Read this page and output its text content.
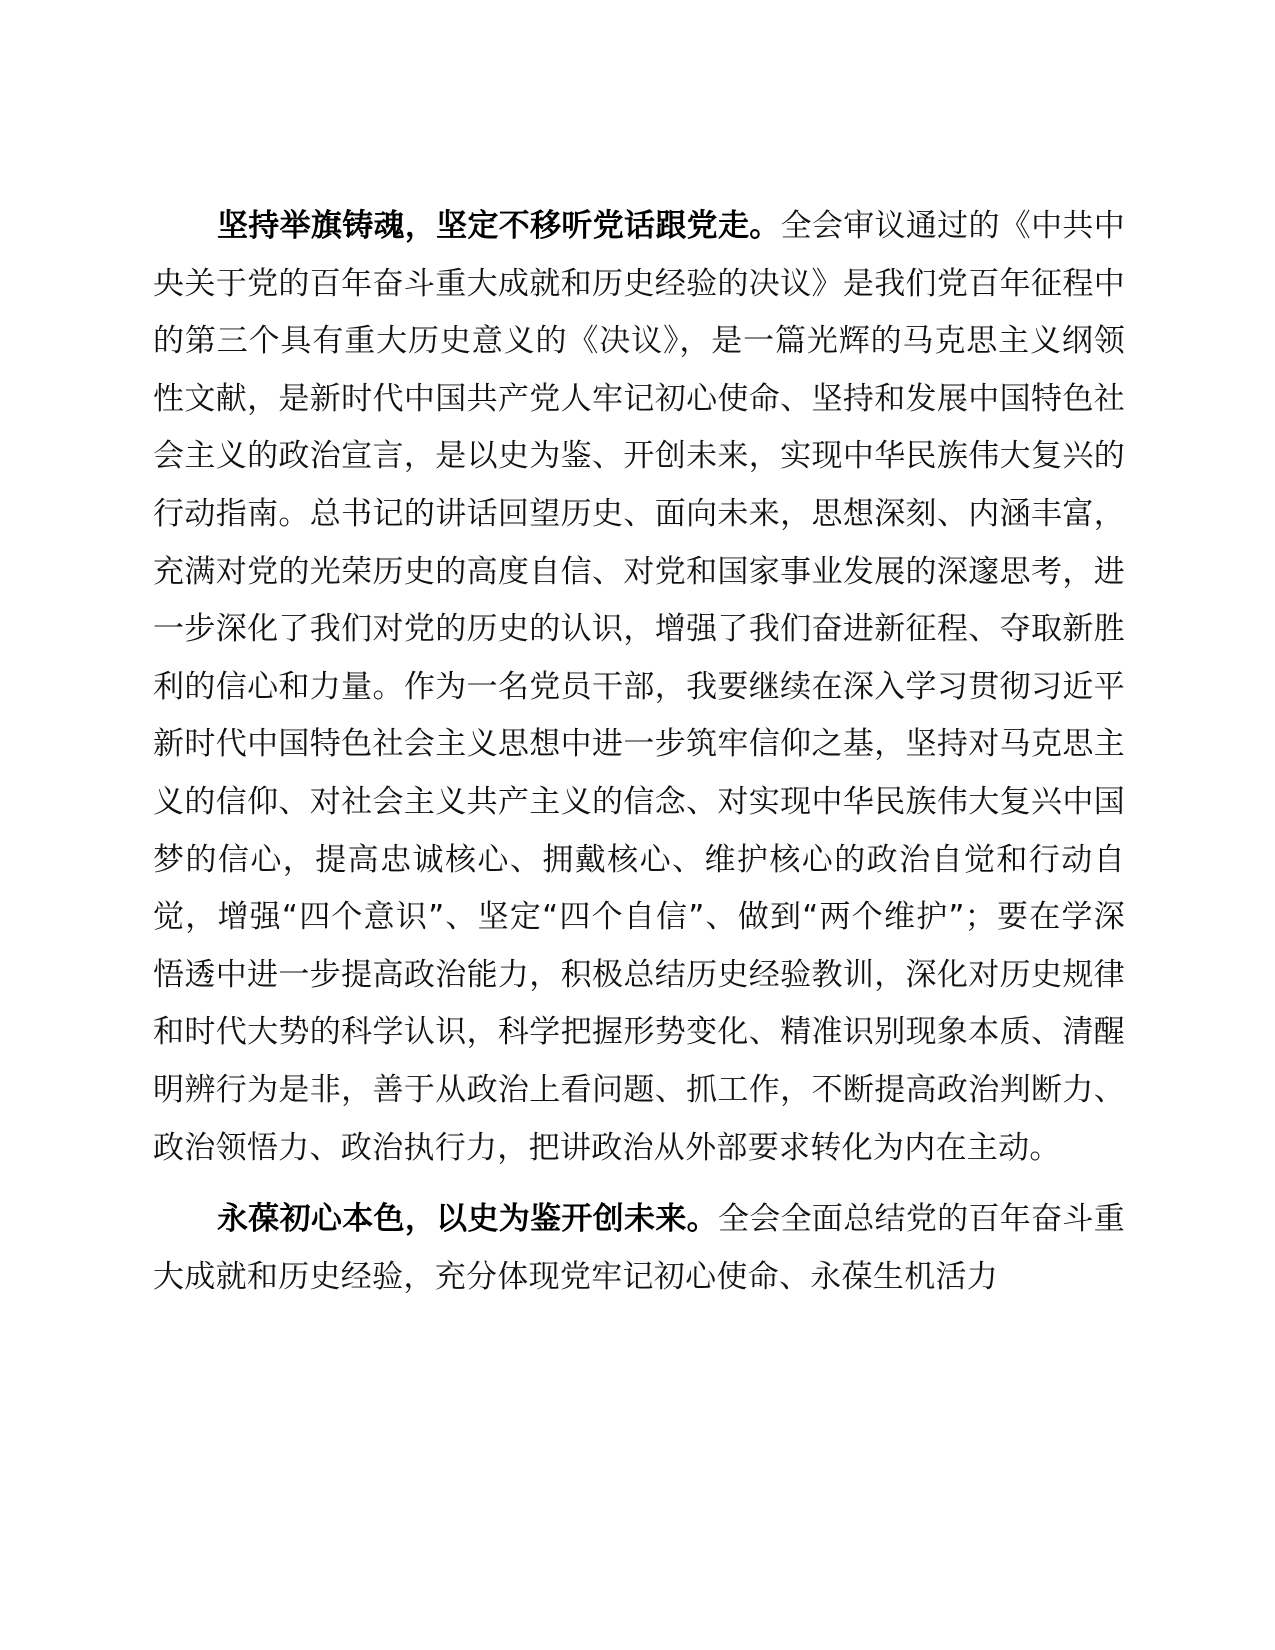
坚持举旗铸魂，坚定不移听党话跟党走。全会审议通过的《中共中央关于党的百年奋斗重大成就和历史经验的决议》是我们党百年征程中的第三个具有重大历史意义的《决议》，是一篇光辉的马克思主义纲领性文献，是新时代中国共产党人牢记初心使命、坚持和发展中国特色社会主义的政治宣言，是以史为鉴、开创未来，实现中华民族伟大复兴的行动指南。总书记的讲话回望历史、面向未来，思想深刻、内涵丰富，充满对党的光荣历史的高度自信、对党和国家事业发展的深邃思考，进一步深化了我们对党的历史的认识，增强了我们奋进新征程、夺取新胜利的信心和力量。作为一名党员干部，我要继续在深入学习贯彻习近平新时代中国特色社会主义思想中进一步筑牢信仰之基，坚持对马克思主义的信仰、对社会主义共产主义的信念、对实现中华民族伟大复兴中国梦的信心，提高忠诚核心、拥戴核心、维护核心的政治自觉和行动自觉，增强“四个意识”、坚定“四个自信”、做到“两个维护”；要在学深悟透中进一步提高政治能力，积极总结历史经验教训，深化对历史规律和时代大势的科学认识，科学把握形势变化、精准识别现象本质、清醒明辨行为是非，善于从政治上看问题、抓工作，不断提高政治判断力、政治领悟力、政治执行力，把讲政治从外部要求转化为内在主动。

永葆初心本色，以史为鉴开创未来。全会全面总结党的百年奋斗重大成就和历史经验，充分体现党牢记初心使命、永葆生机活力
